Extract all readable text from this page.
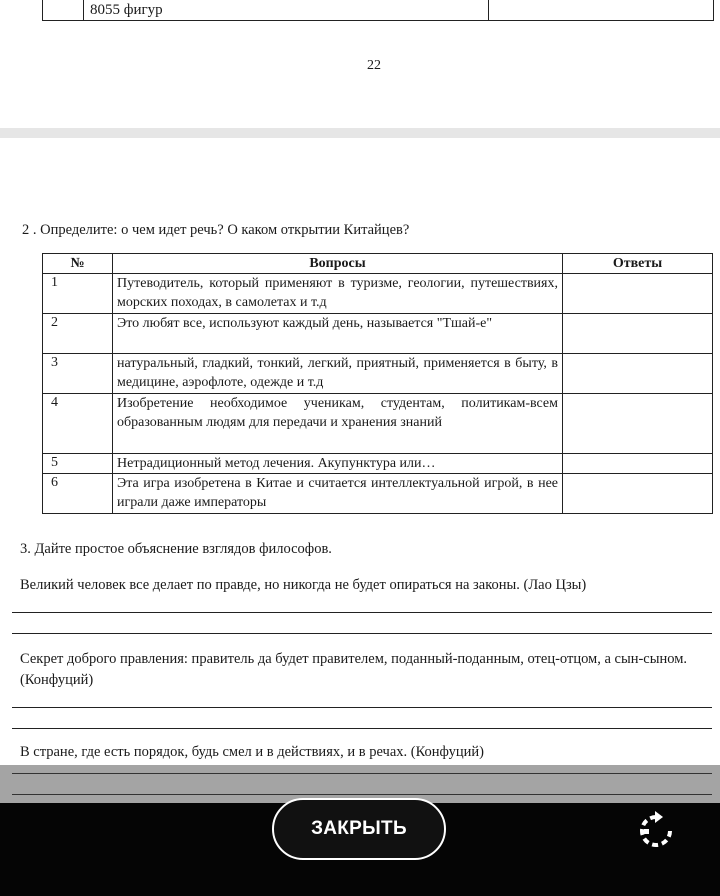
8055 фигур
22
2 . Определите: о чем идет речь? О каком открытии Китайцев?
№	Вопросы	Ответы
1	Путеводитель, который применяют в туризме, геологии, путешествиях, морских походах, в самолетах и т.д	
2	Это любят все, используют каждый день, называется "Тшай-е"	
3	натуральный, гладкий, тонкий, легкий, приятный, применяется в быту, в медицине, аэрофлоте, одежде и т.д	
4	Изобретение необходимое ученикам, студентам, политикам-всем образованным людям для передачи и хранения знаний	
5	Нетрадиционный метод лечения. Акупунктура или…	
6	Эта игра изобретена в Китае и считается интеллектуальной игрой, в нее играли даже императоры	
3. Дайте простое объяснение взглядов философов.
Великий человек все делает по правде, но никогда не будет опираться на законы. (Лао Цзы)
Секрет доброго правления: правитель да будет правителем, поданный-поданным, отец-отцом, а сын-сыном. (Конфуций)
В стране, где есть порядок, будь смел и в действиях, и в речах. (Конфуций)
ЗАКРЫТЬ
